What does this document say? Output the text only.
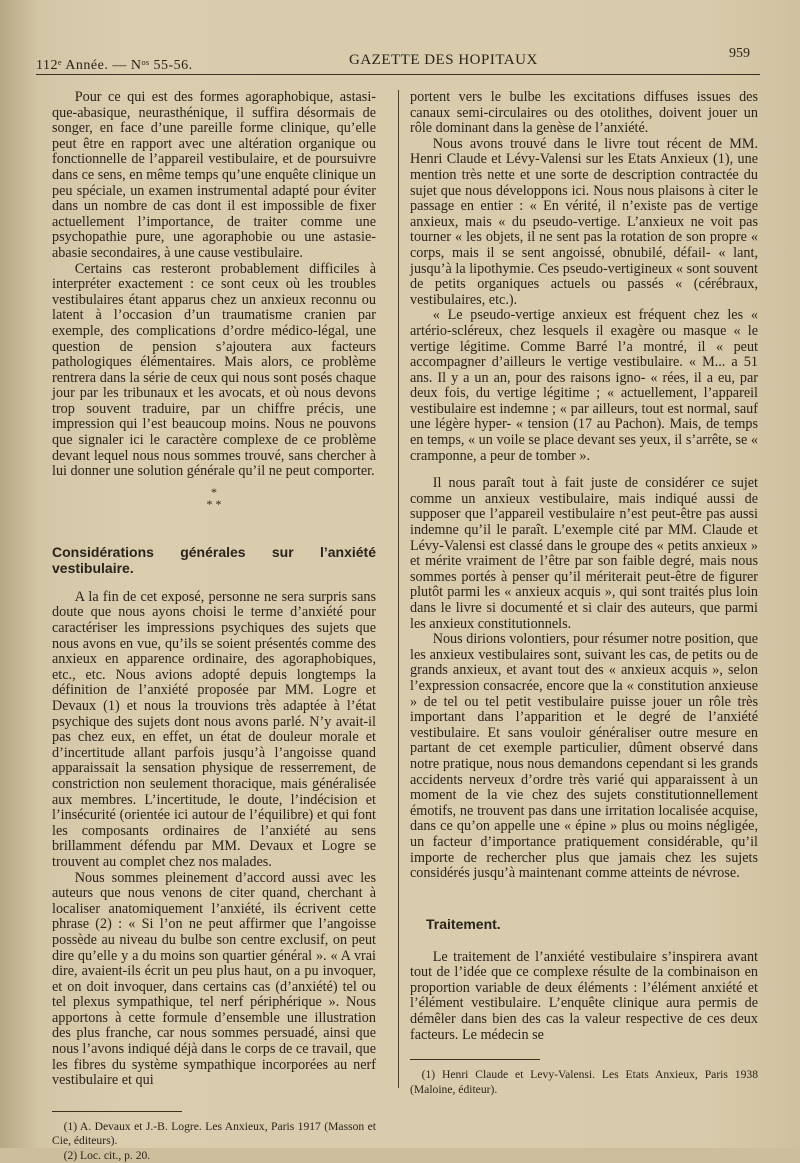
112ᵉ Année. — Nᵒˢ 55-56.	GAZETTE DES HOPITAUX	959

Pour ce qui est des formes agoraphobique, astasi-que-abasique, neurasthénique, il suffira désormais de songer, en face d’une pareille forme clinique, qu’elle peut être en rapport avec une altération organique ou fonctionnelle de l’appareil vestibulaire, et de poursuivre dans ce sens, en même temps qu’une enquête clinique un peu spéciale, un examen instrumental adapté pour éviter dans un nombre de cas dont il est impossible de fixer actuellement l’importance, de traiter comme une psychopathie pure, une agoraphobie ou une astasie-abasie secondaires, à une cause vestibulaire.

Certains cas resteront probablement difficiles à interpréter exactement : ce sont ceux où les troubles vestibulaires étant apparus chez un anxieux reconnu ou latent à l’occasion d’un traumatisme cranien par exemple, des complications d’ordre médico-légal, une question de pension s’ajoutera aux facteurs pathologiques élémentaires. Mais alors, ce problème rentrera dans la série de ceux qui nous sont posés chaque jour par les tribunaux et les avocats, et où nous devons trop souvent traduire, par un chiffre précis, une impression qui l’est beaucoup moins. Nous ne pouvons que signaler ici le caractère complexe de ce problème devant lequel nous nous sommes trouvé, sans chercher à lui donner une solution générale qu’il ne peut comporter.

*
* *

Considérations générales sur l’anxiété vestibulaire.

A la fin de cet exposé, personne ne sera surpris sans doute que nous ayons choisi le terme d’anxiété pour caractériser les impressions psychiques des sujets que nous avons en vue, qu’ils se soient présentés comme des anxieux en apparence ordinaire, des agoraphobiques, etc., etc. Nous avions adopté depuis longtemps la définition de l’anxiété proposée par MM. Logre et Devaux (1) et nous la trouvions très adaptée à l’état psychique des sujets dont nous avons parlé. N’y avait-il pas chez eux, en effet, un état de douleur morale et d’incertitude allant parfois jusqu’à l’angoisse quand apparaissait la sensation physique de resserrement, de constriction non seulement thoracique, mais généralisée aux membres. L’incertitude, le doute, l’indécision et l’insécurité (orientée ici autour de l’équilibre) et qui font les composants ordinaires de l’anxiété au sens brillamment défendu par MM. Devaux et Logre se trouvent au complet chez nos malades.

Nous sommes pleinement d’accord aussi avec les auteurs que nous venons de citer quand, cherchant à localiser anatomiquement l’anxiété, ils écrivent cette phrase (2) : « Si l’on ne peut affirmer que l’angoisse possède au niveau du bulbe son centre exclusif, on peut dire qu’elle y a du moins son quartier général ». « A vrai dire, avaient-ils écrit un peu plus haut, on a pu invoquer, et on doit invoquer, dans certains cas (d’anxiété) tel ou tel plexus sympathique, tel nerf périphérique ». Nous apportons à cette formule d’ensemble une illustration des plus franche, car nous sommes persuadé, ainsi que nous l’avons indiqué déjà dans le corps de ce travail, que les fibres du système sympathique incorporées au nerf vestibulaire et qui

(1) A. Devaux et J.-B. Logre. Les Anxieux, Paris 1917 (Masson et Cie, éditeurs).

(2) Loc. cit., p. 20.

portent vers le bulbe les excitations diffuses issues des canaux semi-circulaires ou des otolithes, doivent jouer un rôle dominant dans la genèse de l’anxiété.

Nous avons trouvé dans le livre tout récent de MM. Henri Claude et Lévy-Valensi sur les Etats Anxieux (1), une mention très nette et une sorte de description contractée du sujet que nous développons ici. Nous nous plaisons à citer le passage en entier : « En vérité, il n’existe pas de vertige anxieux, mais « du pseudo-vertige. L’anxieux ne voit pas tourner « les objets, il ne sent pas la rotation de son propre « corps, mais il se sent angoissé, obnubilé, défail- « lant, jusqu’à la lipothymie. Ces pseudo-vertigineux « sont souvent de petits organiques actuels ou passés « (cérébraux, vestibulaires, etc.).

« Le pseudo-vertige anxieux est fréquent chez les « artério-scléreux, chez lesquels il exagère ou masque « le vertige légitime. Comme Barré l’a montré, il « peut accompagner d’ailleurs le vertige vestibulaire. « M... a 51 ans. Il y a un an, pour des raisons igno- « rées, il a eu, par deux fois, du vertige légitime ; « actuellement, l’appareil vestibulaire est indemne ; « par ailleurs, tout est normal, sauf une légère hyper- « tension (17 au Pachon). Mais, de temps en temps, « un voile se place devant ses yeux, il s’arrête, se « cramponne, a peur de tomber ».

Il nous paraît tout à fait juste de considérer ce sujet comme un anxieux vestibulaire, mais indiqué aussi de supposer que l’appareil vestibulaire n’est peut-être pas aussi indemne qu’il le paraît. L’exemple cité par MM. Claude et Lévy-Valensi est classé dans le groupe des « petits anxieux » et mérite vraiment de l’être par son faible degré, mais nous sommes portés à penser qu’il mériterait peut-être de figurer plutôt parmi les « anxieux acquis », qui sont traités plus loin dans le livre si documenté et si clair des auteurs, que parmi les anxieux constitutionnels.

Nous dirions volontiers, pour résumer notre position, que les anxieux vestibulaires sont, suivant les cas, de petits ou de grands anxieux, et avant tout des « anxieux acquis », selon l’expression consacrée, encore que la « constitution anxieuse » de tel ou tel petit vestibulaire puisse jouer un rôle très important dans l’apparition et le degré de l’anxiété vestibulaire. Et sans vouloir généraliser outre mesure en partant de cet exemple particulier, dûment observé dans notre pratique, nous nous demandons cependant si les grands accidents nerveux d’ordre très varié qui apparaissent à un moment de la vie chez des sujets constitutionnellement émotifs, ne trouvent pas dans une irritation localisée acquise, dans ce qu’on appelle une « épine » plus ou moins négligée, un facteur d’importance pratiquement considérable, qu’il importe de rechercher plus que jamais chez les sujets considérés jusqu’à maintenant comme atteints de névrose.

Traitement.

Le traitement de l’anxiété vestibulaire s’inspirera avant tout de l’idée que ce complexe résulte de la combinaison en proportion variable de deux éléments : l’élément anxiété et l’élément vestibulaire. L’enquête clinique aura permis de démêler dans bien des cas la valeur respective de ces deux facteurs. Le médecin se

(1) Henri Claude et Levy-Valensi. Les Etats Anxieux, Paris 1938 (Maloine, éditeur).
